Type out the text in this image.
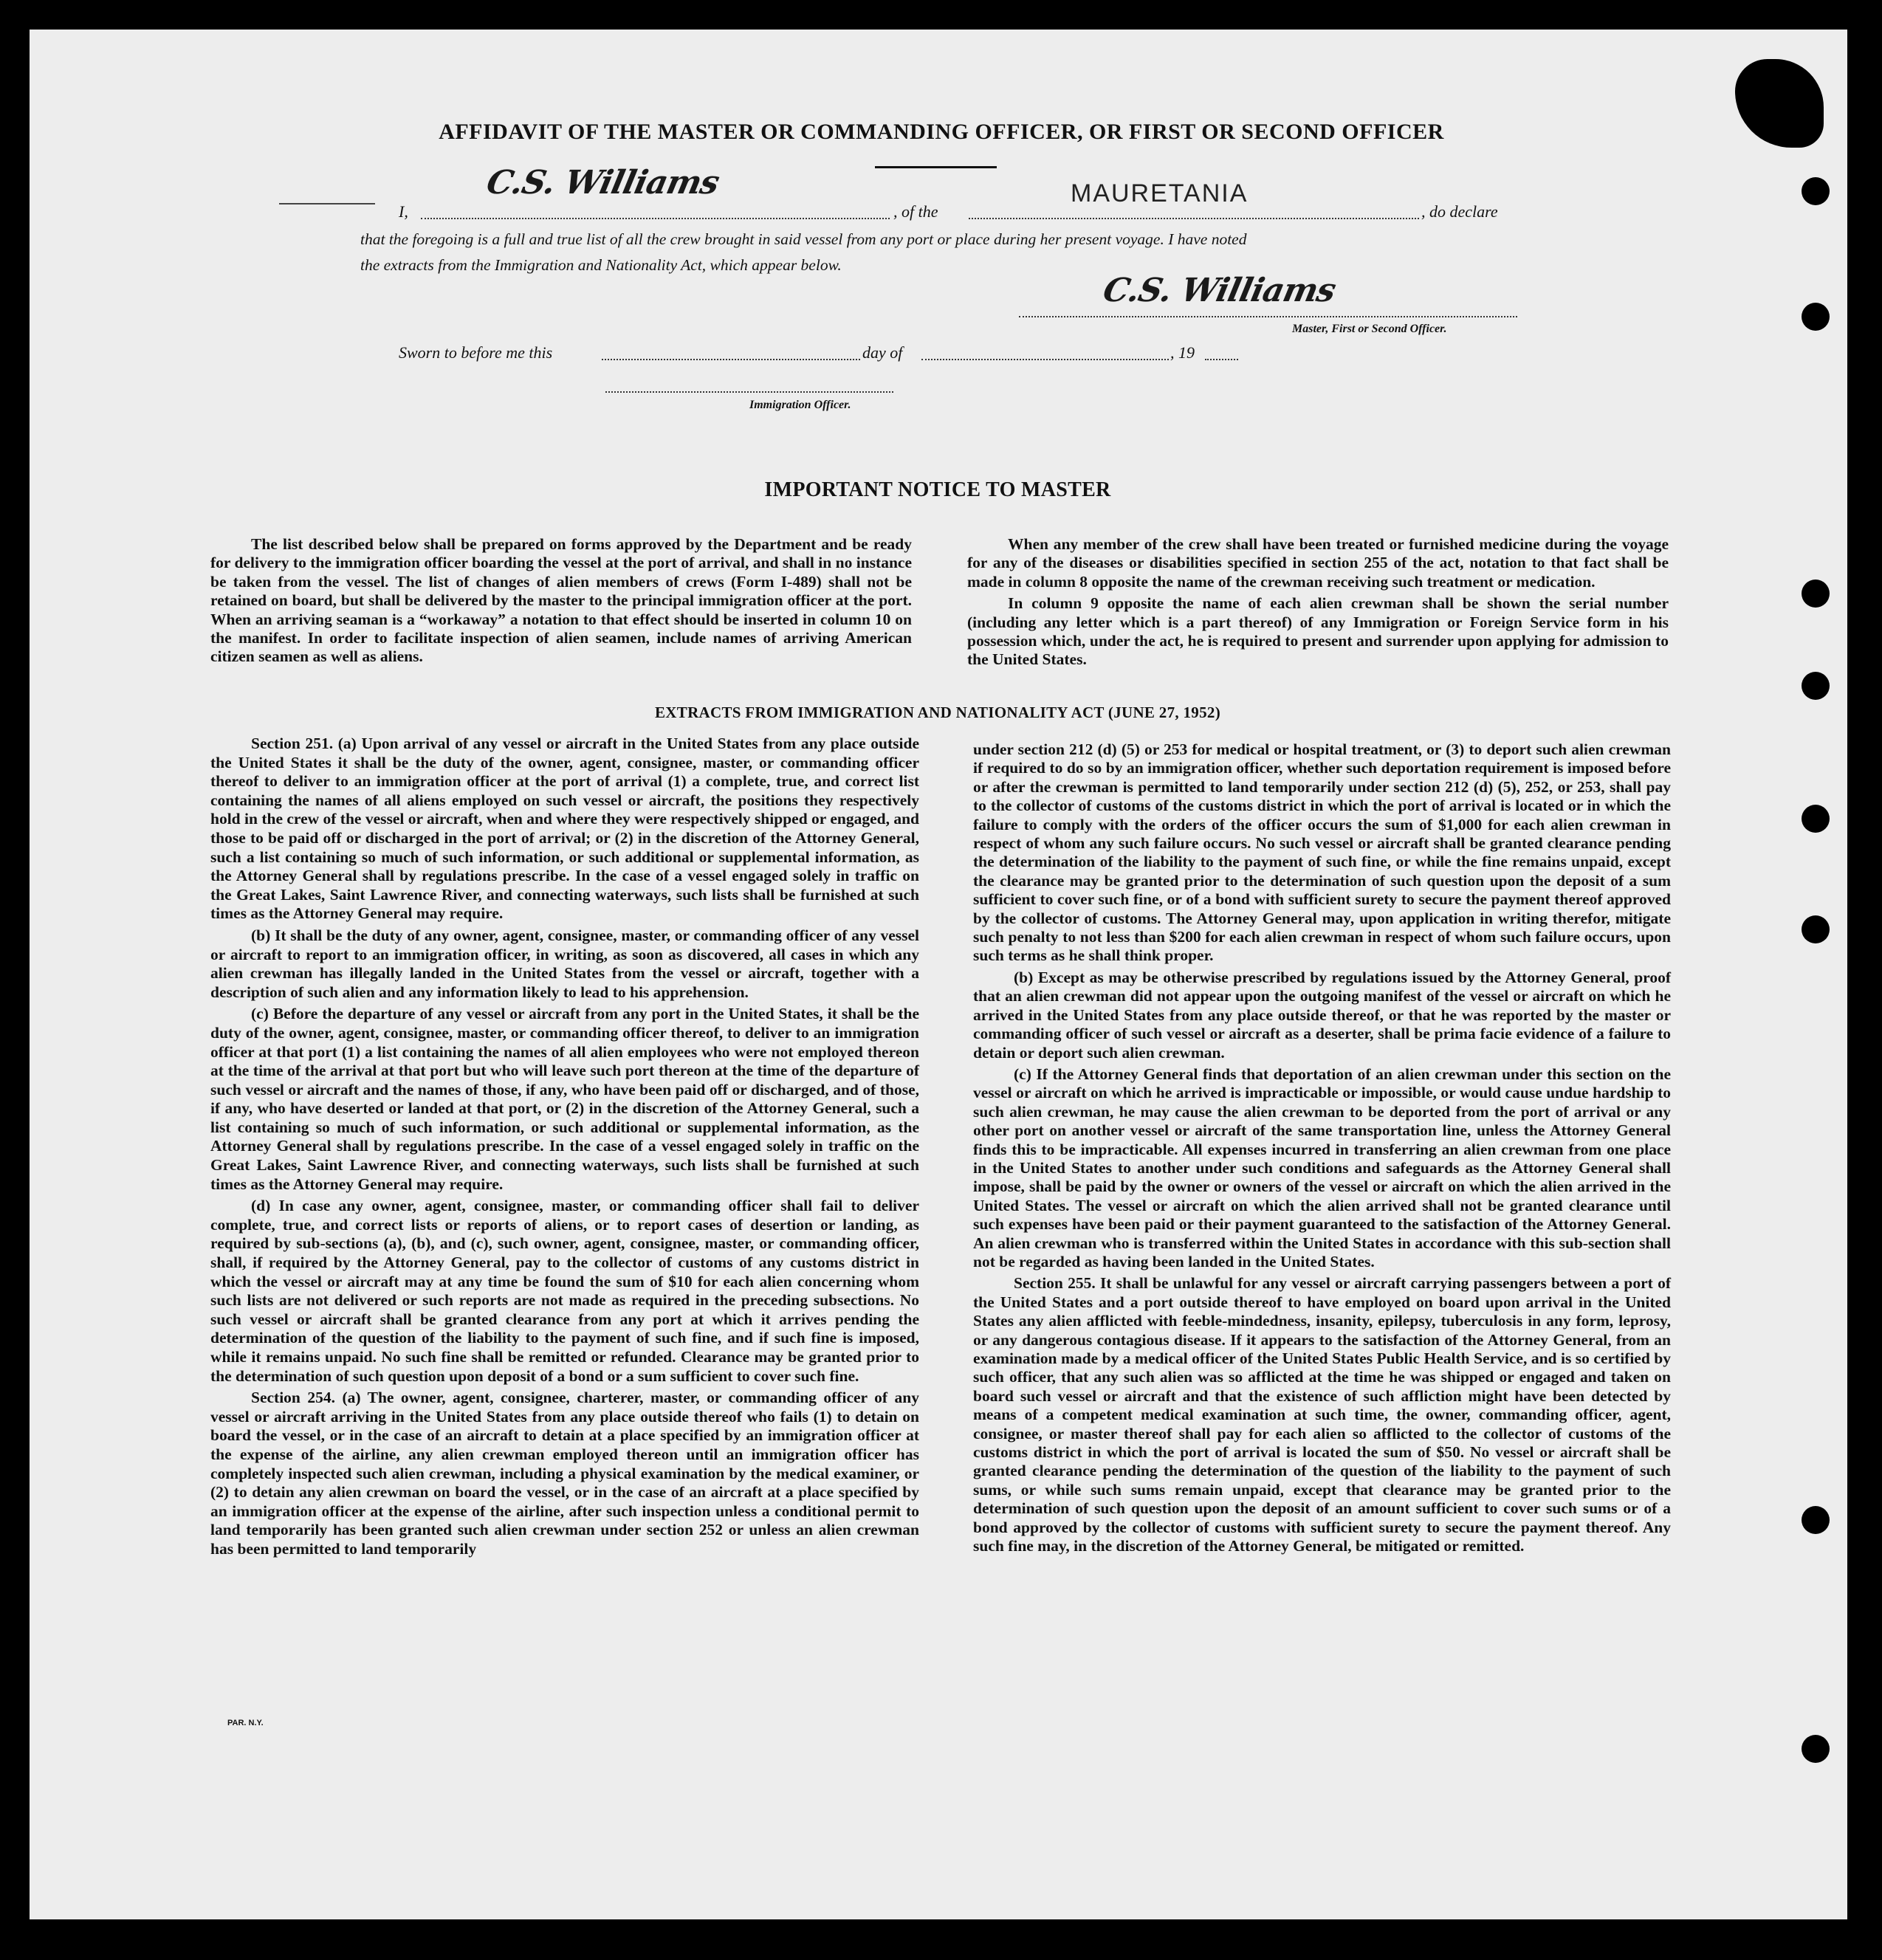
AFFIDAVIT OF THE MASTER OR COMMANDING OFFICER, OR FIRST OR SECOND OFFICER
I,
C.S. Williams
, of the
MAURETANIA
, do declare
that the foregoing is a full and true list of all the crew brought in said vessel from any port or place during her present voyage. I have noted
the extracts from the Immigration and Nationality Act, which appear below.
C.S. Williams
Master, First or Second Officer.
Sworn to before me this	day of	, 19
Immigration Officer.
IMPORTANT NOTICE TO MASTER

The list described below shall be prepared on forms approved by the Department and be ready for delivery to the immigration officer boarding the vessel at the port of arrival, and shall in no instance be taken from the vessel. The list of changes of alien members of crews (Form I-489) shall not be retained on board, but shall be delivered by the master to the principal immigration officer at the port. When an arriving seaman is a “workaway” a notation to that effect should be inserted in column 10 on the manifest. In order to facilitate inspection of alien seamen, include names of arriving American citizen seamen as well as aliens.

When any member of the crew shall have been treated or furnished medicine during the voyage for any of the diseases or disabilities specified in section 255 of the act, notation to that fact shall be made in column 8 opposite the name of the crewman receiving such treatment or medication.

In column 9 opposite the name of each alien crewman shall be shown the serial number (including any letter which is a part thereof) of any Immigration or Foreign Service form in his possession which, under the act, he is required to present and surrender upon applying for admission to the United States.

EXTRACTS FROM IMMIGRATION AND NATIONALITY ACT (JUNE 27, 1952)

Section 251. (a) Upon arrival of any vessel or aircraft in the United States from any place outside the United States it shall be the duty of the owner, agent, consignee, master, or commanding officer thereof to deliver to an immigration officer at the port of arrival (1) a complete, true, and correct list containing the names of all aliens employed on such vessel or aircraft, the positions they respectively hold in the crew of the vessel or aircraft, when and where they were respectively shipped or engaged, and those to be paid off or discharged in the port of arrival; or (2) in the discretion of the Attorney General, such a list containing so much of such information, or such additional or supplemental information, as the Attorney General shall by regulations prescribe. In the case of a vessel engaged solely in traffic on the Great Lakes, Saint Lawrence River, and connecting waterways, such lists shall be furnished at such times as the Attorney General may require.

(b) It shall be the duty of any owner, agent, consignee, master, or commanding officer of any vessel or aircraft to report to an immigration officer, in writing, as soon as discovered, all cases in which any alien crewman has illegally landed in the United States from the vessel or aircraft, together with a description of such alien and any information likely to lead to his apprehension.

(c) Before the departure of any vessel or aircraft from any port in the United States, it shall be the duty of the owner, agent, consignee, master, or commanding officer thereof, to deliver to an immigration officer at that port (1) a list containing the names of all alien employees who were not employed thereon at the time of the arrival at that port but who will leave such port thereon at the time of the departure of such vessel or aircraft and the names of those, if any, who have been paid off or discharged, and of those, if any, who have deserted or landed at that port, or (2) in the discretion of the Attorney General, such a list containing so much of such information, or such additional or supplemental information, as the Attorney General shall by regulations prescribe. In the case of a vessel engaged solely in traffic on the Great Lakes, Saint Lawrence River, and connecting waterways, such lists shall be furnished at such times as the Attorney General may require.

(d) In case any owner, agent, consignee, master, or commanding officer shall fail to deliver complete, true, and correct lists or reports of aliens, or to report cases of desertion or landing, as required by sub-sections (a), (b), and (c), such owner, agent, consignee, master, or commanding officer, shall, if required by the Attorney General, pay to the collector of customs of any customs district in which the vessel or aircraft may at any time be found the sum of $10 for each alien concerning whom such lists are not delivered or such reports are not made as required in the preceding subsections. No such vessel or aircraft shall be granted clearance from any port at which it arrives pending the determination of the question of the liability to the payment of such fine, and if such fine is imposed, while it remains unpaid. No such fine shall be remitted or refunded. Clearance may be granted prior to the determination of such question upon deposit of a bond or a sum sufficient to cover such fine.

Section 254. (a) The owner, agent, consignee, charterer, master, or commanding officer of any vessel or aircraft arriving in the United States from any place outside thereof who fails (1) to detain on board the vessel, or in the case of an aircraft to detain at a place specified by an immigration officer at the expense of the airline, any alien crewman employed thereon until an immigration officer has completely inspected such alien crewman, including a physical examination by the medical examiner, or (2) to detain any alien crewman on board the vessel, or in the case of an aircraft at a place specified by an immigration officer at the expense of the airline, after such inspection unless a conditional permit to land temporarily has been granted such alien crewman under section 252 or unless an alien crewman has been permitted to land temporarily

under section 212 (d) (5) or 253 for medical or hospital treatment, or (3) to deport such alien crewman if required to do so by an immigration officer, whether such deportation requirement is imposed before or after the crewman is permitted to land temporarily under section 212 (d) (5), 252, or 253, shall pay to the collector of customs of the customs district in which the port of arrival is located or in which the failure to comply with the orders of the officer occurs the sum of $1,000 for each alien crewman in respect of whom any such failure occurs. No such vessel or aircraft shall be granted clearance pending the determination of the liability to the payment of such fine, or while the fine remains unpaid, except the clearance may be granted prior to the determination of such question upon the deposit of a sum sufficient to cover such fine, or of a bond with sufficient surety to secure the payment thereof approved by the collector of customs. The Attorney General may, upon application in writing therefor, mitigate such penalty to not less than $200 for each alien crewman in respect of whom such failure occurs, upon such terms as he shall think proper.

(b) Except as may be otherwise prescribed by regulations issued by the Attorney General, proof that an alien crewman did not appear upon the outgoing manifest of the vessel or aircraft on which he arrived in the United States from any place outside thereof, or that he was reported by the master or commanding officer of such vessel or aircraft as a deserter, shall be prima facie evidence of a failure to detain or deport such alien crewman.

(c) If the Attorney General finds that deportation of an alien crewman under this section on the vessel or aircraft on which he arrived is impracticable or impossible, or would cause undue hardship to such alien crewman, he may cause the alien crewman to be deported from the port of arrival or any other port on another vessel or aircraft of the same transportation line, unless the Attorney General finds this to be impracticable. All expenses incurred in transferring an alien crewman from one place in the United States to another under such conditions and safeguards as the Attorney General shall impose, shall be paid by the owner or owners of the vessel or aircraft on which the alien arrived in the United States. The vessel or aircraft on which the alien arrived shall not be granted clearance until such expenses have been paid or their payment guaranteed to the satisfaction of the Attorney General. An alien crewman who is transferred within the United States in accordance with this sub-section shall not be regarded as having been landed in the United States.

Section 255. It shall be unlawful for any vessel or aircraft carrying passengers between a port of the United States and a port outside thereof to have employed on board upon arrival in the United States any alien afflicted with feeble-mindedness, insanity, epilepsy, tuberculosis in any form, leprosy, or any dangerous contagious disease. If it appears to the satisfaction of the Attorney General, from an examination made by a medical officer of the United States Public Health Service, and is so certified by such officer, that any such alien was so afflicted at the time he was shipped or engaged and taken on board such vessel or aircraft and that the existence of such affliction might have been detected by means of a competent medical examination at such time, the owner, commanding officer, agent, consignee, or master thereof shall pay for each alien so afflicted to the collector of customs of the customs district in which the port of arrival is located the sum of $50. No vessel or aircraft shall be granted clearance pending the determination of the question of the liability to the payment of such sums, or while such sums remain unpaid, except that clearance may be granted prior to the determination of such question upon the deposit of an amount sufficient to cover such sums or of a bond approved by the collector of customs with sufficient surety to secure the payment thereof. Any such fine may, in the discretion of the Attorney General, be mitigated or remitted.

PAR. N.Y.
